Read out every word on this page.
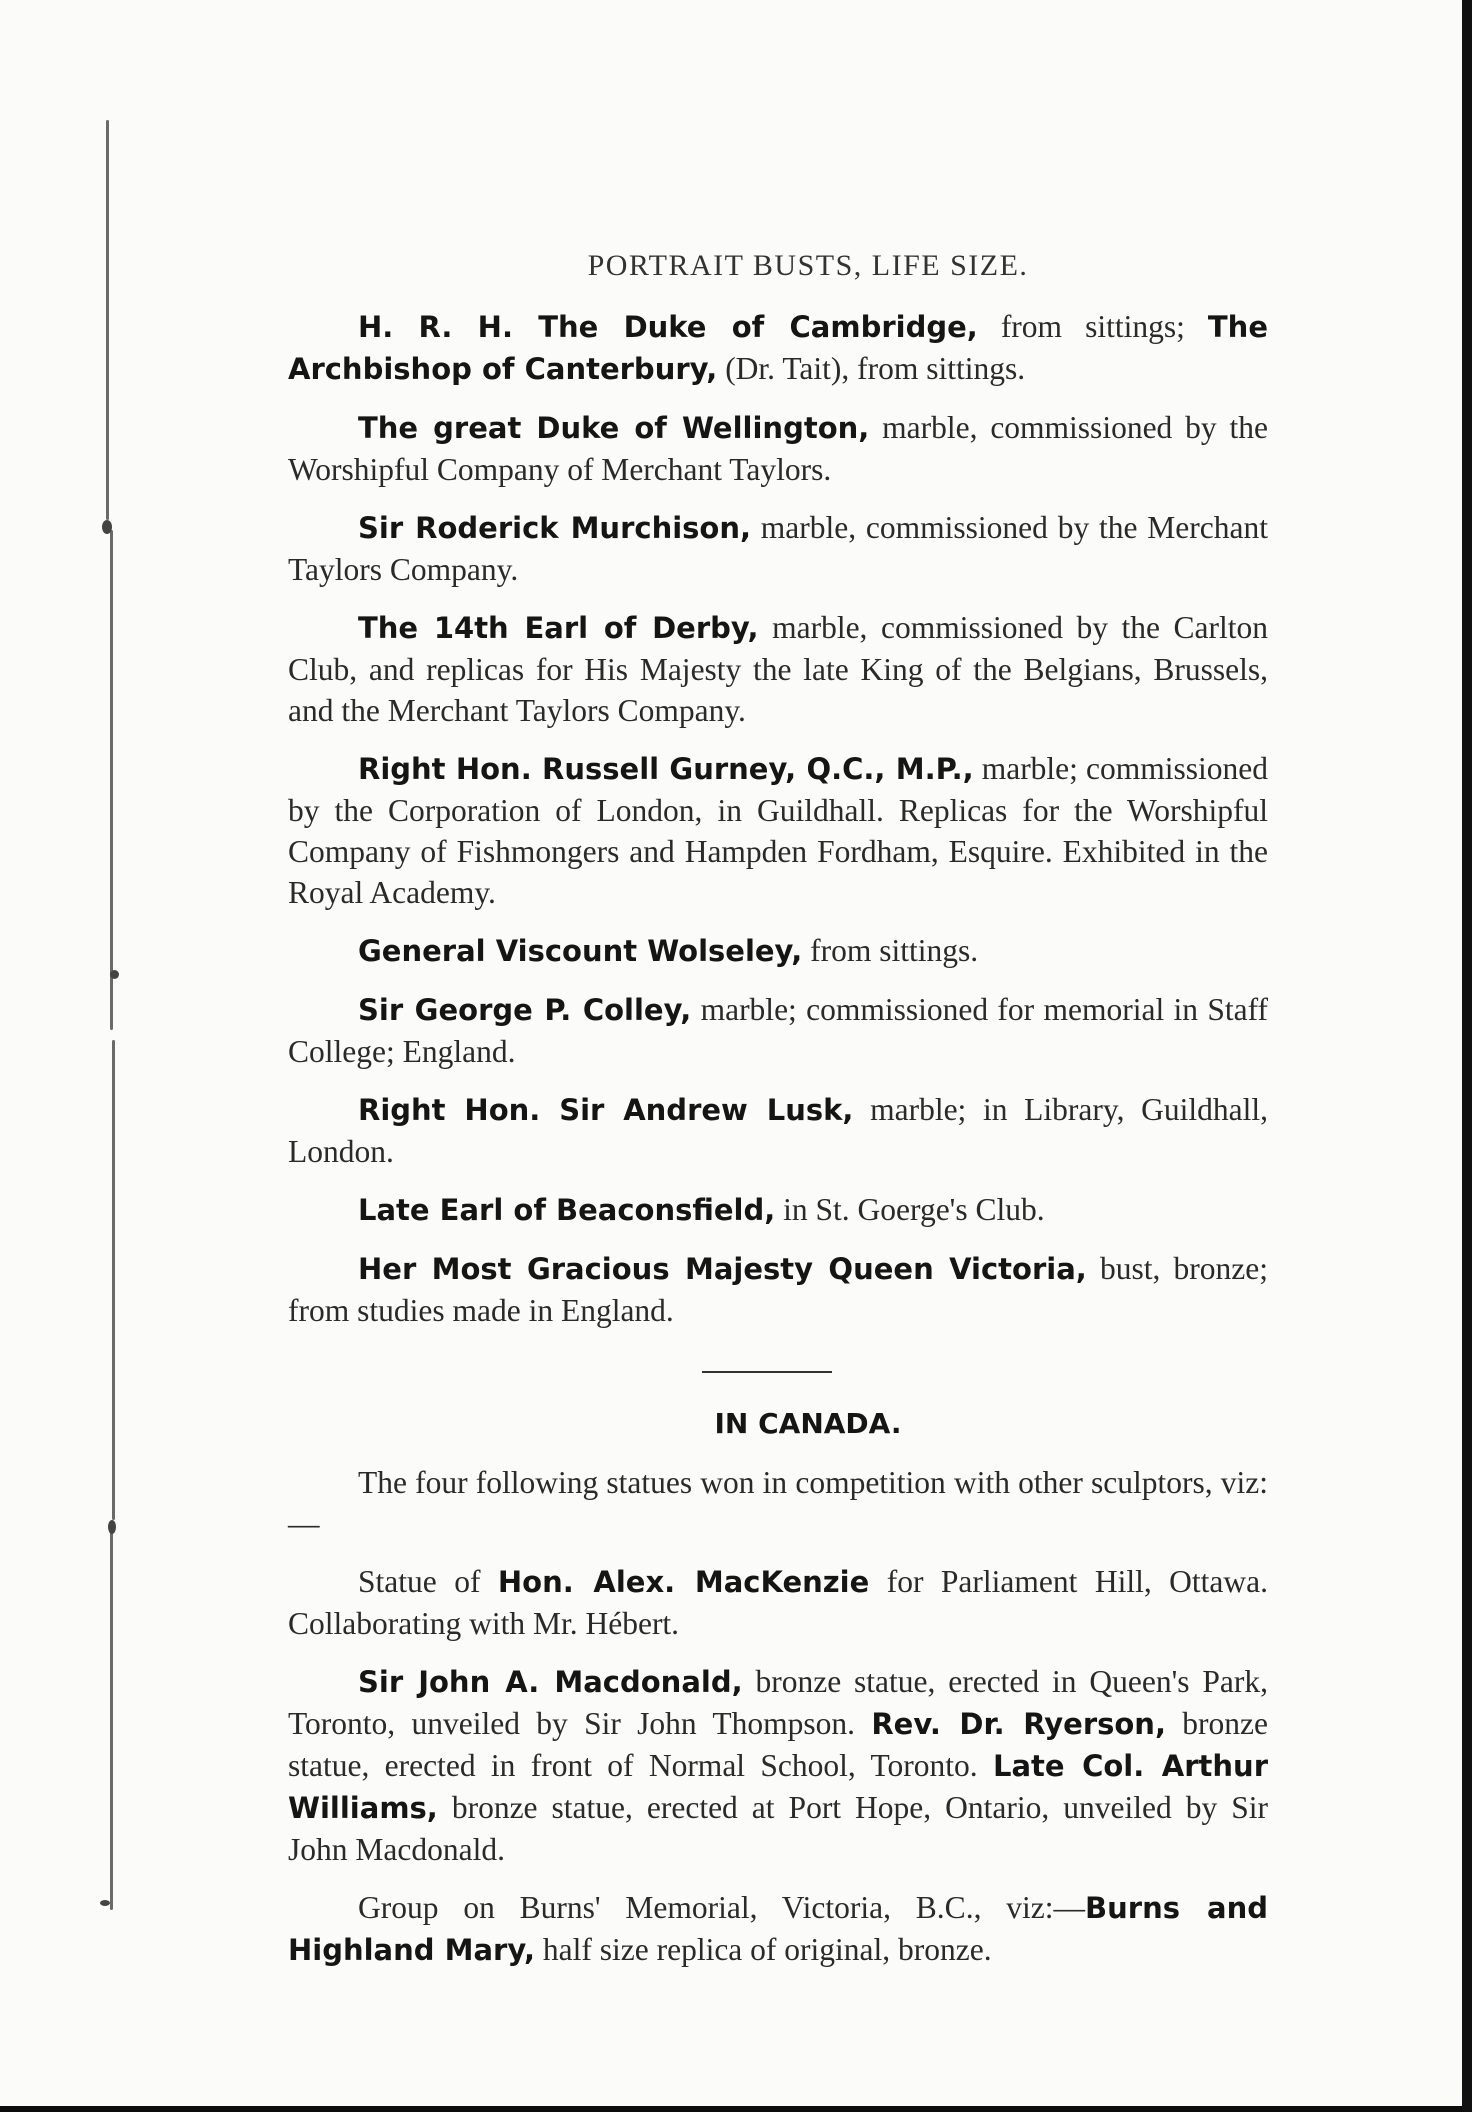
PORTRAIT BUSTS, LIFE SIZE.

H. R. H. The Duke of Cambridge, from sittings; The Archbishop of Canterbury, (Dr. Tait), from sittings.

The great Duke of Wellington, marble, commissioned by the Worshipful Company of Merchant Taylors.

Sir Roderick Murchison, marble, commissioned by the Merchant Taylors Company.

The 14th Earl of Derby, marble, commissioned by the Carlton Club, and replicas for His Majesty the late King of the Belgians, Brussels, and the Merchant Taylors Company.

Right Hon. Russell Gurney, Q.C., M.P., marble; commissioned by the Corporation of London, in Guildhall. Replicas for the Worshipful Company of Fishmongers and Hampden Fordham, Esquire. Exhibited in the Royal Academy.

General Viscount Wolseley, from sittings.

Sir George P. Colley, marble; commissioned for memorial in Staff College; England.

Right Hon. Sir Andrew Lusk, marble; in Library, Guildhall, London.

Late Earl of Beaconsfield, in St. Goerge's Club.

Her Most Gracious Majesty Queen Victoria, bust, bronze; from studies made in England.

IN CANADA.

The four following statues won in competition with other sculptors, viz:—

Statue of Hon. Alex. MacKenzie for Parliament Hill, Ottawa. Collaborating with Mr. Hébert.

Sir John A. Macdonald, bronze statue, erected in Queen's Park, Toronto, unveiled by Sir John Thompson. Rev. Dr. Ryerson, bronze statue, erected in front of Normal School, Toronto. Late Col. Arthur Williams, bronze statue, erected at Port Hope, Ontario, unveiled by Sir John Macdonald.

Group on Burns' Memorial, Victoria, B.C., viz:—Burns and Highland Mary, half size replica of original, bronze.
